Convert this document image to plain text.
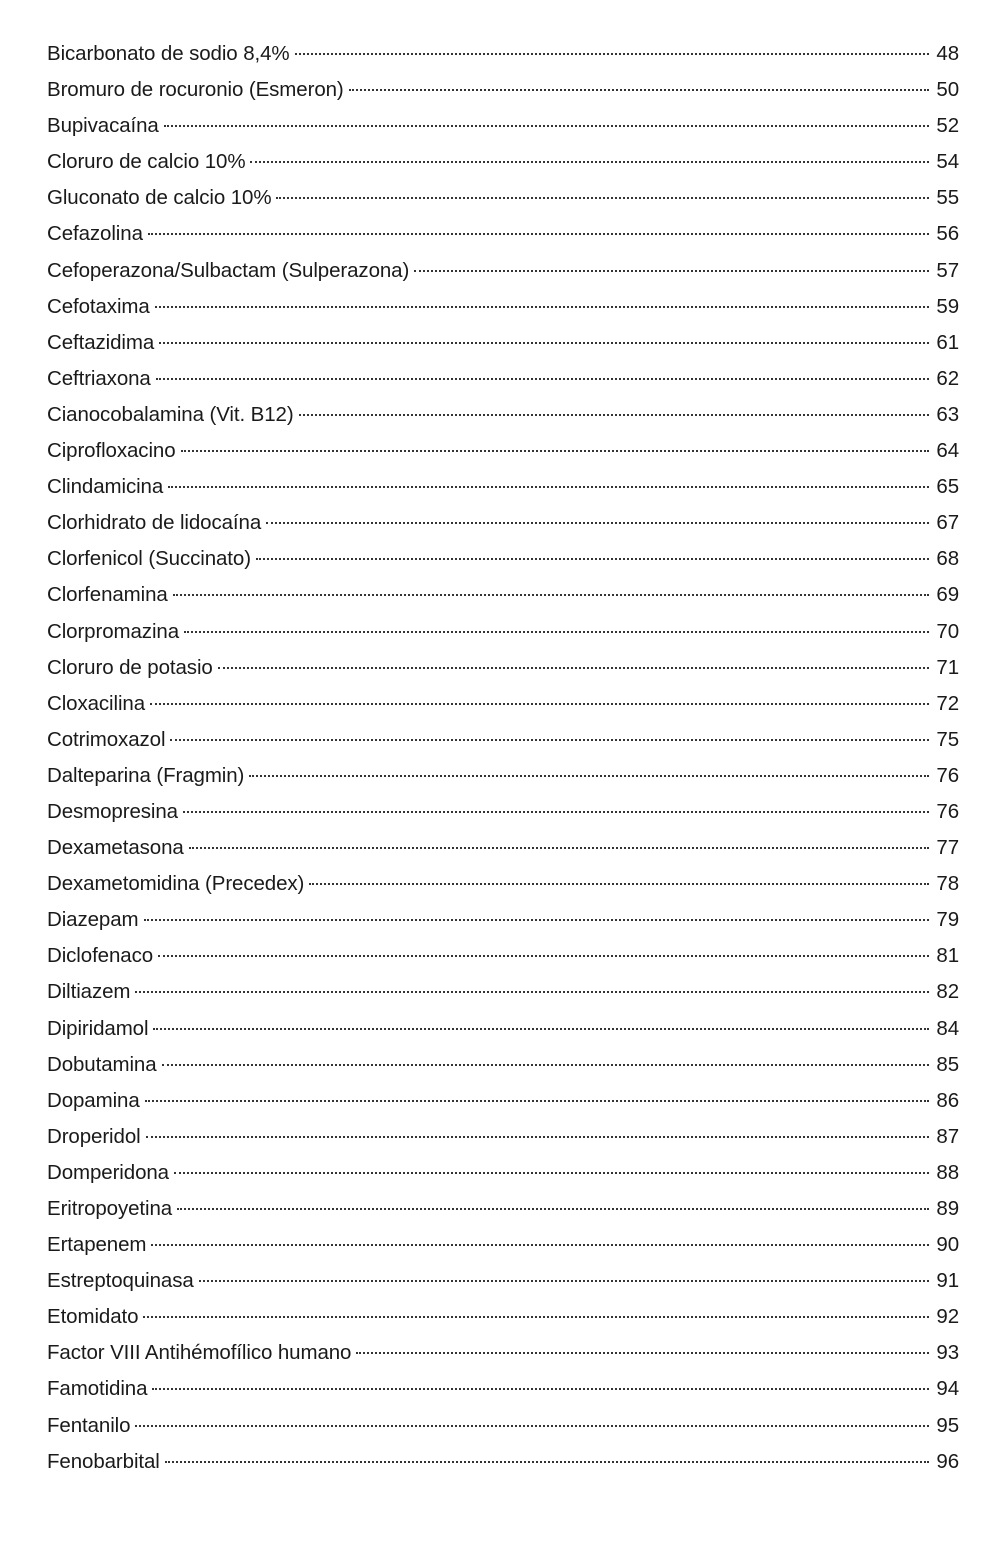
Bicarbonato de sodio 8,4%	48
Bromuro de rocuronio (Esmeron)	50
Bupivacaína	52
Cloruro de calcio 10%	54
Gluconato de calcio 10%	55
Cefazolina	56
Cefoperazona/Sulbactam (Sulperazona)	57
Cefotaxima	59
Ceftazidima	61
Ceftriaxona	62
Cianocobalamina (Vit. B12)	63
Ciprofloxacino	64
Clindamicina	65
Clorhidrato de lidocaína	67
Clorfenicol (Succinato)	68
Clorfenamina	69
Clorpromazina	70
Cloruro de potasio	71
Cloxacilina	72
Cotrimoxazol	75
Dalteparina (Fragmin)	76
Desmopresina	76
Dexametasona	77
Dexametomidina (Precedex)	78
Diazepam	79
Diclofenaco	81
Diltiazem	82
Dipiridamol	84
Dobutamina	85
Dopamina	86
Droperidol	87
Domperidona	88
Eritropoyetina	89
Ertapenem	90
Estreptoquinasa	91
Etomidato	92
Factor VIII Antihémofílico humano	93
Famotidina	94
Fentanilo	95
Fenobarbital	96
